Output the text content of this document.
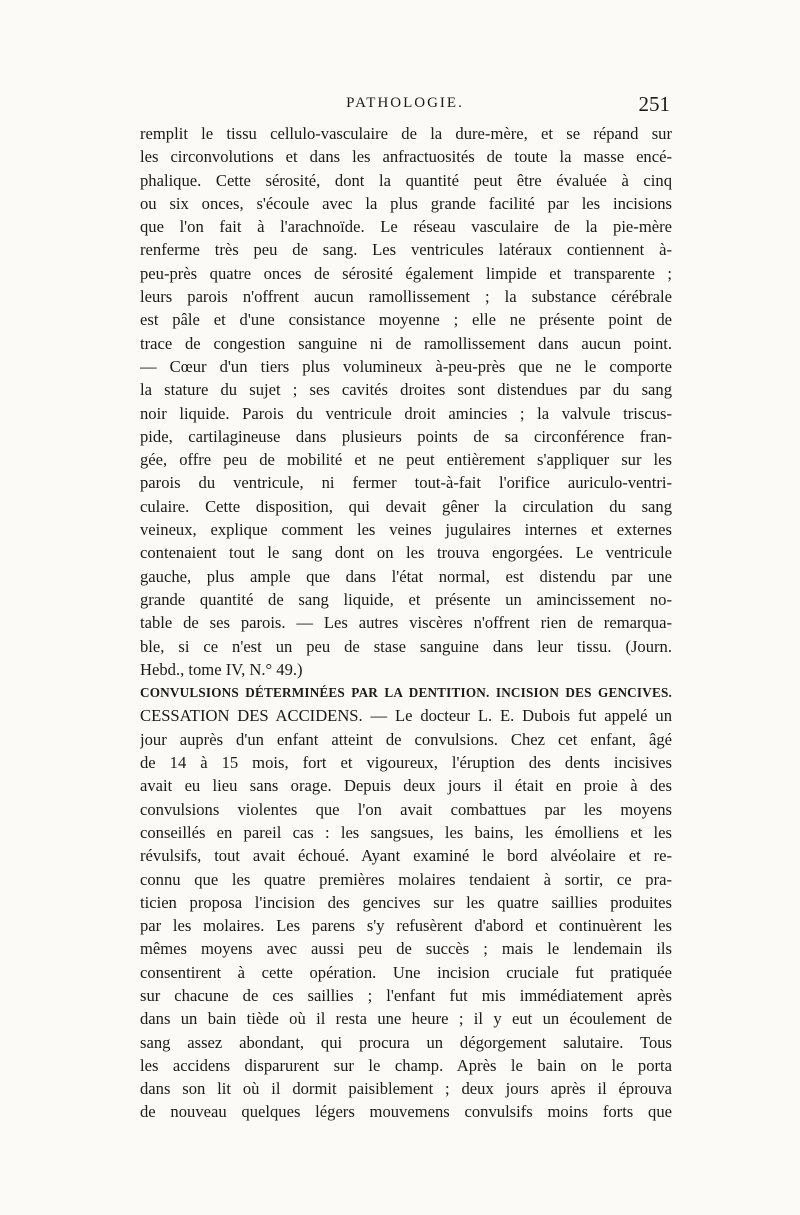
PATHOLOGIE.	251
remplit le tissu cellulo-vasculaire de la dure-mère, et se répand sur
les circonvolutions et dans les anfractuosités de toute la masse encé-
phalique. Cette sérosité, dont la quantité peut être évaluée à cinq
ou six onces, s'écoule avec la plus grande facilité par les incisions
que l'on fait à l'arachnoïde. Le réseau vasculaire de la pie-mère
renferme très peu de sang. Les ventricules latéraux contiennent à-
peu-près quatre onces de sérosité également limpide et transparente ;
leurs parois n'offrent aucun ramollissement ; la substance cérébrale
est pâle et d'une consistance moyenne ; elle ne présente point de
trace de congestion sanguine ni de ramollissement dans aucun point.
— Cœur d'un tiers plus volumineux à-peu-près que ne le comporte
la stature du sujet ; ses cavités droites sont distendues par du sang
noir liquide. Parois du ventricule droit amincies ; la valvule triscus-
pide, cartilagineuse dans plusieurs points de sa circonférence fran-
gée, offre peu de mobilité et ne peut entièrement s'appliquer sur les
parois du ventricule, ni fermer tout-à-fait l'orifice auriculo-ventri-
culaire. Cette disposition, qui devait gêner la circulation du sang
veineux, explique comment les veines jugulaires internes et externes
contenaient tout le sang dont on les trouva engorgées. Le ventricule
gauche, plus ample que dans l'état normal, est distendu par une
grande quantité de sang liquide, et présente un amincissement no-
table de ses parois. — Les autres viscères n'offrent rien de remarqua-
ble, si ce n'est un peu de stase sanguine dans leur tissu. (Journ.
Hebd., tome IV, N.° 49.)
CONVULSIONS DÉTERMINÉES PAR LA DENTITION. INCISION DES GENCIVES.
CESSATION DES ACCIDENS. — Le docteur L. E. Dubois fut appelé un
jour auprès d'un enfant atteint de convulsions. Chez cet enfant, âgé
de 14 à 15 mois, fort et vigoureux, l'éruption des dents incisives
avait eu lieu sans orage. Depuis deux jours il était en proie à des
convulsions violentes que l'on avait combattues par les moyens
conseillés en pareil cas : les sangsues, les bains, les émolliens et les
révulsifs, tout avait échoué. Ayant examiné le bord alvéolaire et re-
connu que les quatre premières molaires tendaient à sortir, ce pra-
ticien proposa l'incision des gencives sur les quatre saillies produites
par les molaires. Les parens s'y refusèrent d'abord et continuèrent les
mêmes moyens avec aussi peu de succès ; mais le lendemain ils
consentirent à cette opération. Une incision cruciale fut pratiquée
sur chacune de ces saillies ; l'enfant fut mis immédiatement après
dans un bain tiède où il resta une heure ; il y eut un écoulement de
sang assez abondant, qui procura un dégorgement salutaire. Tous
les accidens disparurent sur le champ. Après le bain on le porta
dans son lit où il dormit paisiblement ; deux jours après il éprouva
de nouveau quelques légers mouvemens convulsifs moins forts que
